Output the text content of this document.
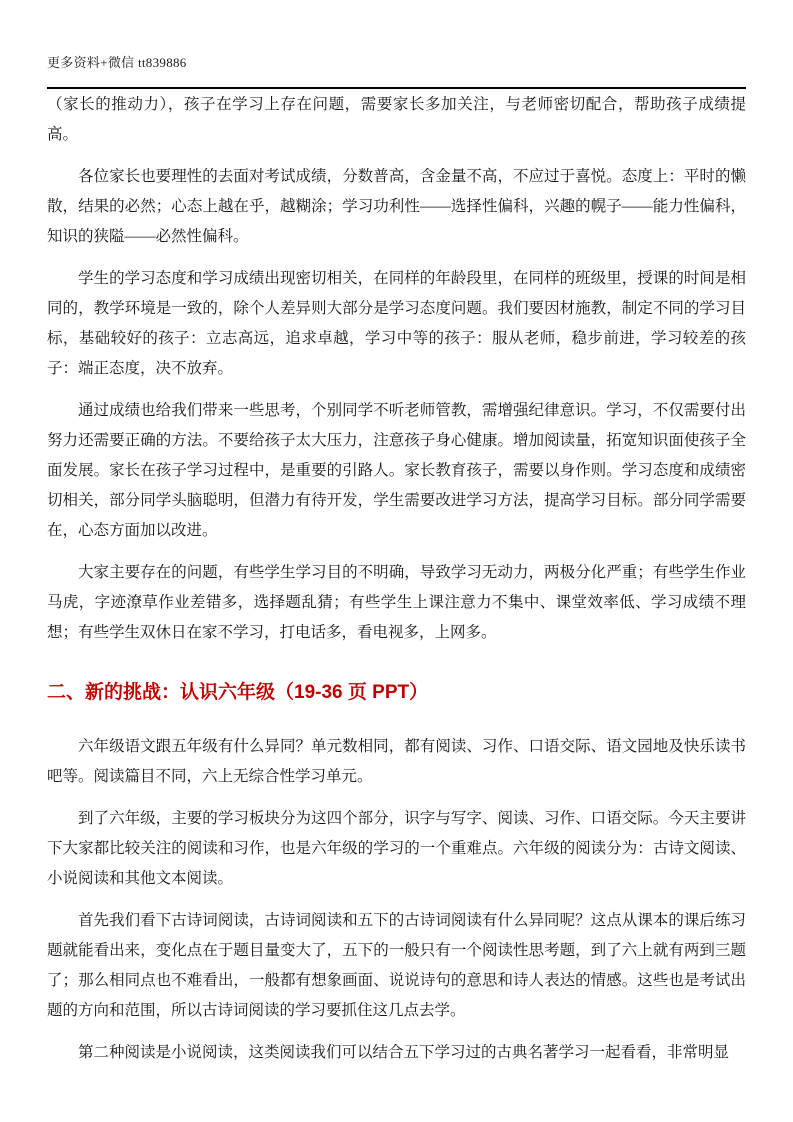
更多资料+微信 tt839886

（家长的推动力），孩子在学习上存在问题，需要家长多加关注，与老师密切配合，帮助孩子成绩提高。

各位家长也要理性的去面对考试成绩，分数普高，含金量不高，不应过于喜悦。态度上：平时的懒散，结果的必然；心态上越在乎，越糊涂；学习功利性——选择性偏科，兴趣的幌子——能力性偏科，知识的狭隘——必然性偏科。

学生的学习态度和学习成绩出现密切相关，在同样的年龄段里，在同样的班级里，授课的时间是相同的，教学环境是一致的，除个人差异则大部分是学习态度问题。我们要因材施教，制定不同的学习目标，基础较好的孩子：立志高远，追求卓越，学习中等的孩子：服从老师，稳步前进，学习较差的孩子：端正态度，决不放弃。

通过成绩也给我们带来一些思考，个别同学不听老师管教，需增强纪律意识。学习，不仅需要付出努力还需要正确的方法。不要给孩子太大压力，注意孩子身心健康。增加阅读量，拓宽知识面使孩子全面发展。家长在孩子学习过程中，是重要的引路人。家长教育孩子，需要以身作则。学习态度和成绩密切相关，部分同学头脑聪明，但潜力有待开发，学生需要改进学习方法，提高学习目标。部分同学需要在，心态方面加以改进。

大家主要存在的问题，有些学生学习目的不明确，导致学习无动力，两极分化严重；有些学生作业马虎，字迹潦草作业差错多，选择题乱猜；有些学生上课注意力不集中、课堂效率低、学习成绩不理想；有些学生双休日在家不学习，打电话多，看电视多，上网多。

二、新的挑战：认识六年级（19-36 页 PPT）

六年级语文跟五年级有什么异同？单元数相同，都有阅读、习作、口语交际、语文园地及快乐读书吧等。阅读篇目不同，六上无综合性学习单元。

到了六年级，主要的学习板块分为这四个部分，识字与写字、阅读、习作、口语交际。今天主要讲下大家都比较关注的阅读和习作，也是六年级的学习的一个重难点。六年级的阅读分为：古诗文阅读、小说阅读和其他文本阅读。

首先我们看下古诗词阅读，古诗词阅读和五下的古诗词阅读有什么异同呢？这点从课本的课后练习题就能看出来，变化点在于题目量变大了，五下的一般只有一个阅读性思考题，到了六上就有两到三题了；那么相同点也不难看出，一般都有想象画面、说说诗句的意思和诗人表达的情感。这些也是考试出题的方向和范围，所以古诗词阅读的学习要抓住这几点去学。

第二种阅读是小说阅读，这类阅读我们可以结合五下学习过的古典名著学习一起看看，非常明显
